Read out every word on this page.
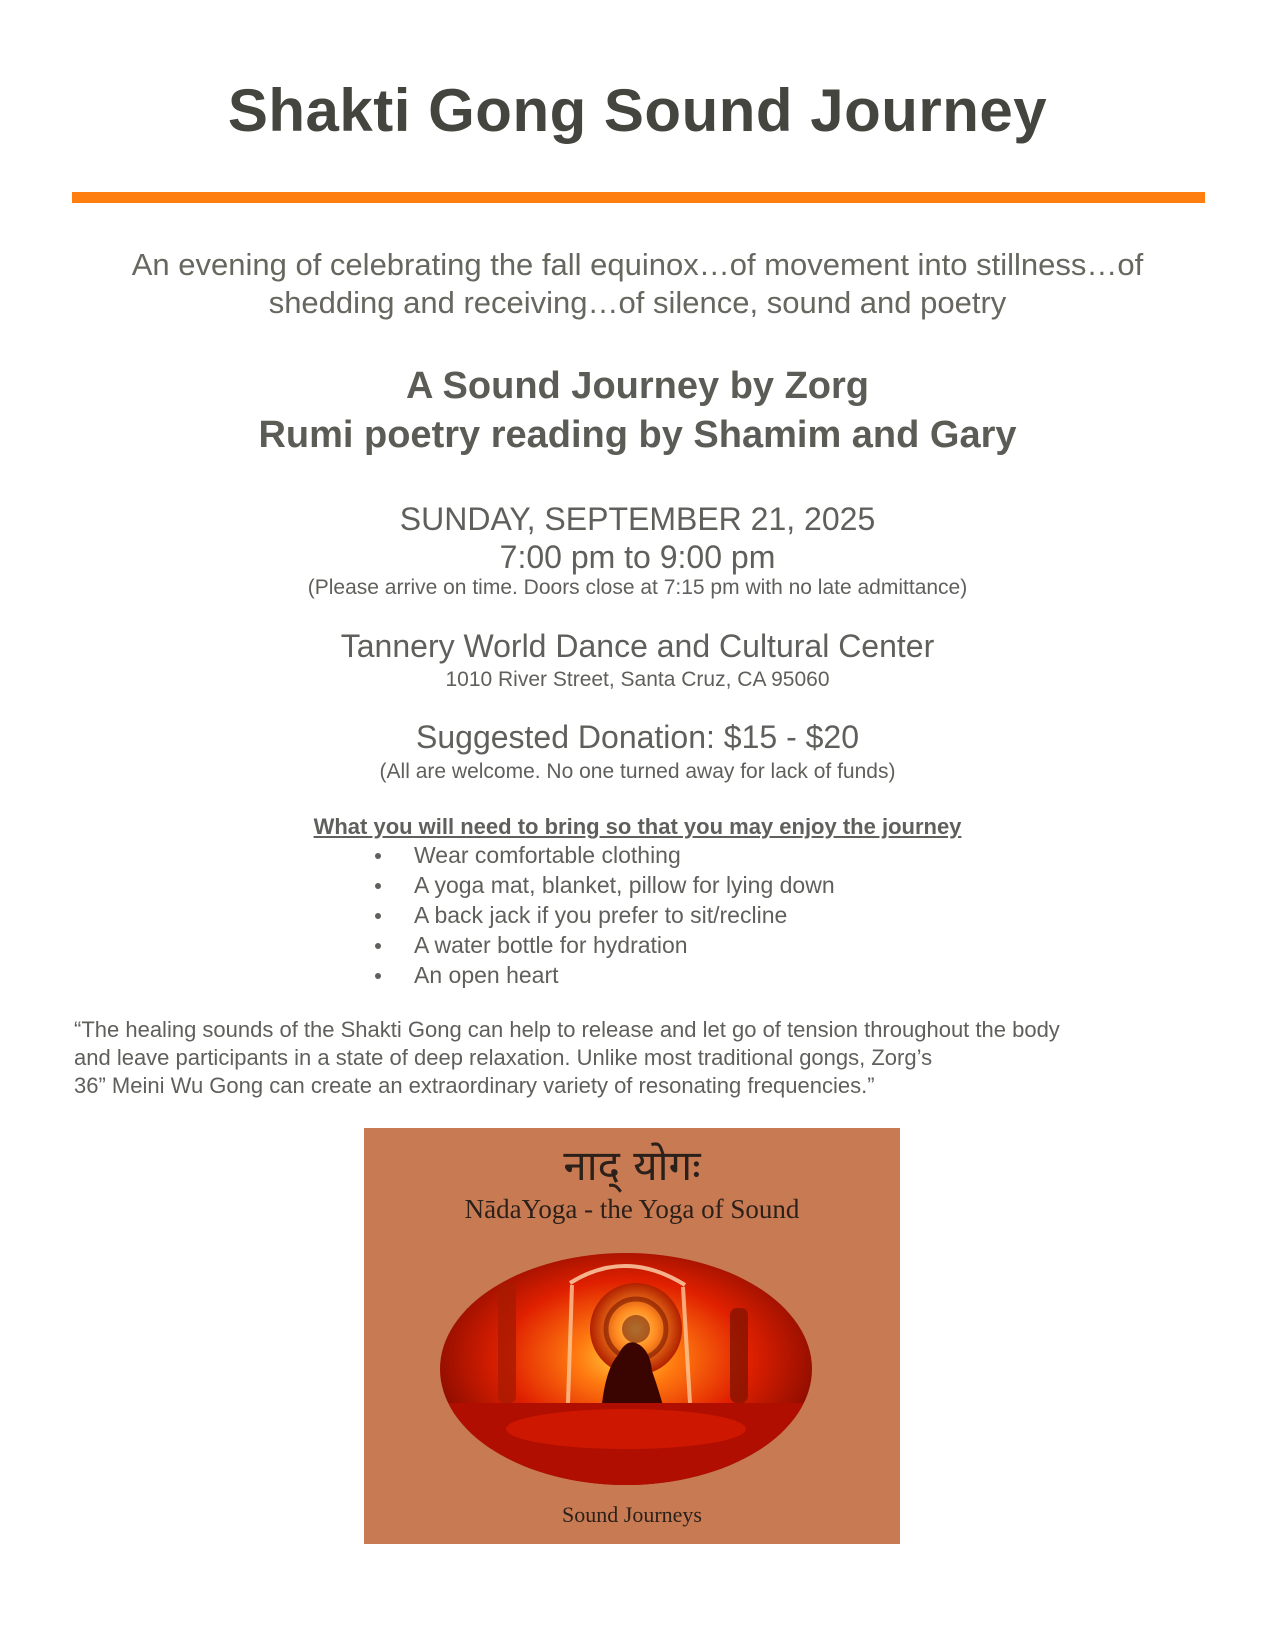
Shakti Gong Sound Journey
An evening of celebrating the fall equinox…of movement into stillness…of
shedding and receiving…of silence, sound and poetry
A Sound Journey by Zorg
Rumi poetry reading by Shamim and Gary
SUNDAY, SEPTEMBER 21, 2025
7:00 pm to 9:00 pm
(Please arrive on time. Doors close at 7:15 pm with no late admittance)
Tannery World Dance and Cultural Center
1010 River Street, Santa Cruz, CA 95060
Suggested Donation: $15 - $20
(All are welcome. No one turned away for lack of funds)
What you will need to bring so that you may enjoy the journey
Wear comfortable clothing
A yoga mat, blanket, pillow for lying down
A back jack if you prefer to sit/recline
A water bottle for hydration
An open heart
“The healing sounds of the Shakti Gong can help to release and let go of tension throughout the body
and leave participants in a state of deep relaxation. Unlike most traditional gongs, Zorg’s
36” Meini Wu Gong can create an extraordinary variety of resonating frequencies.”
नाद् योगः
NādaYoga - the Yoga of Sound
Sound Journeys
